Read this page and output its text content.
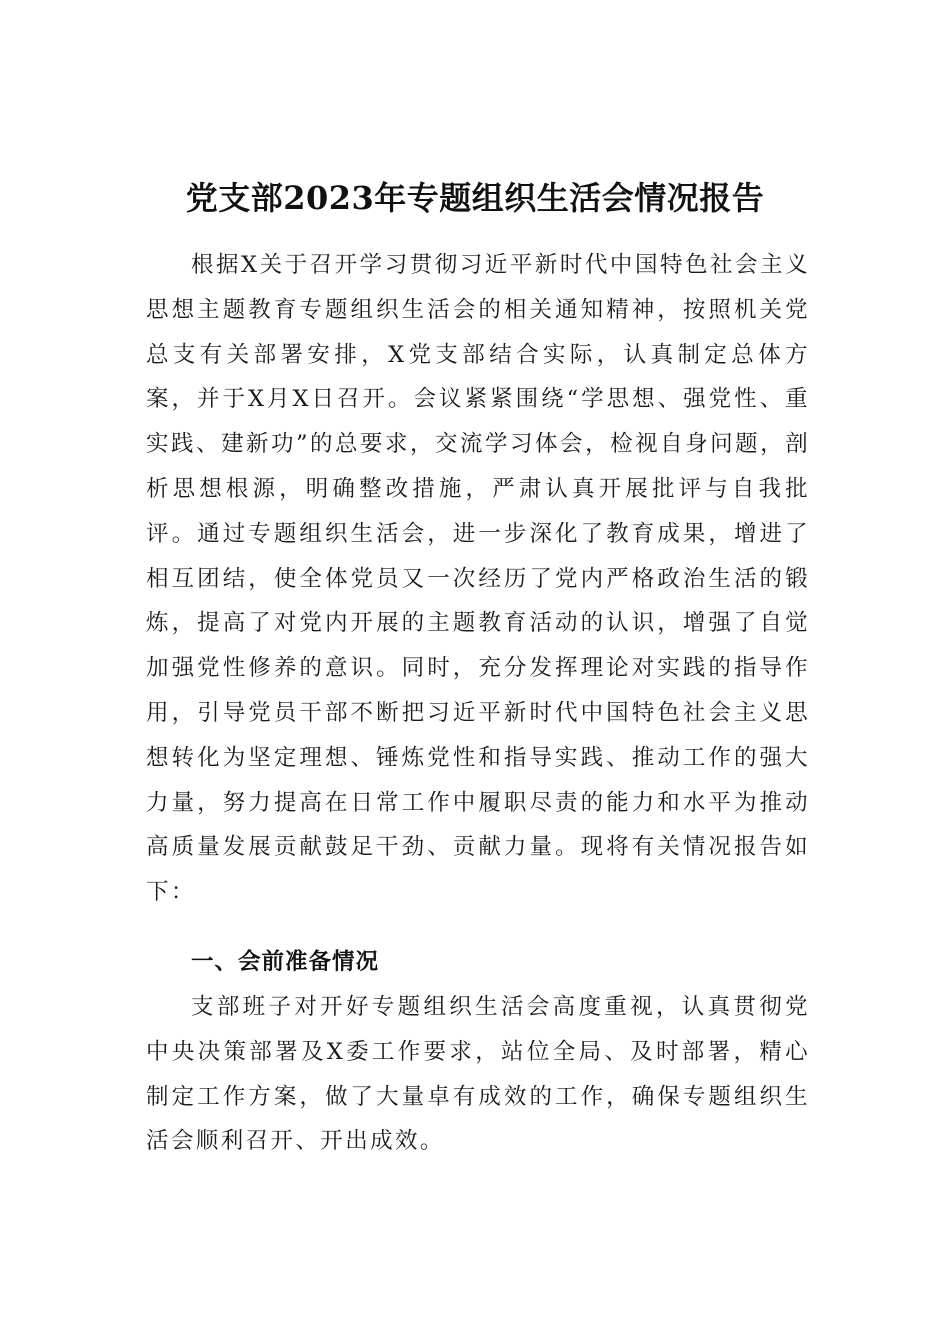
党支部2023年专题组织生活会情况报告

根据X关于召开学习贯彻习近平新时代中国特色社会主义思想主题教育专题组织生活会的相关通知精神，按照机关党总支有关部署安排，X党支部结合实际，认真制定总体方案，并于X月X日召开。会议紧紧围绕“学思想、强党性、重实践、建新功”的总要求，交流学习体会，检视自身问题，剖析思想根源，明确整改措施，严肃认真开展批评与自我批评。通过专题组织生活会，进一步深化了教育成果，增进了相互团结，使全体党员又一次经历了党内严格政治生活的锻炼，提高了对党内开展的主题教育活动的认识，增强了自觉加强党性修养的意识。同时，充分发挥理论对实践的指导作用，引导党员干部不断把习近平新时代中国特色社会主义思想转化为坚定理想、锤炼党性和指导实践、推动工作的强大力量，努力提高在日常工作中履职尽责的能力和水平为推动高质量发展贡献鼓足干劲、贡献力量。现将有关情况报告如下：

一、会前准备情况

支部班子对开好专题组织生活会高度重视，认真贯彻党中央决策部署及X委工作要求，站位全局、及时部署，精心制定工作方案，做了大量卓有成效的工作，确保专题组织生活会顺利召开、开出成效。
